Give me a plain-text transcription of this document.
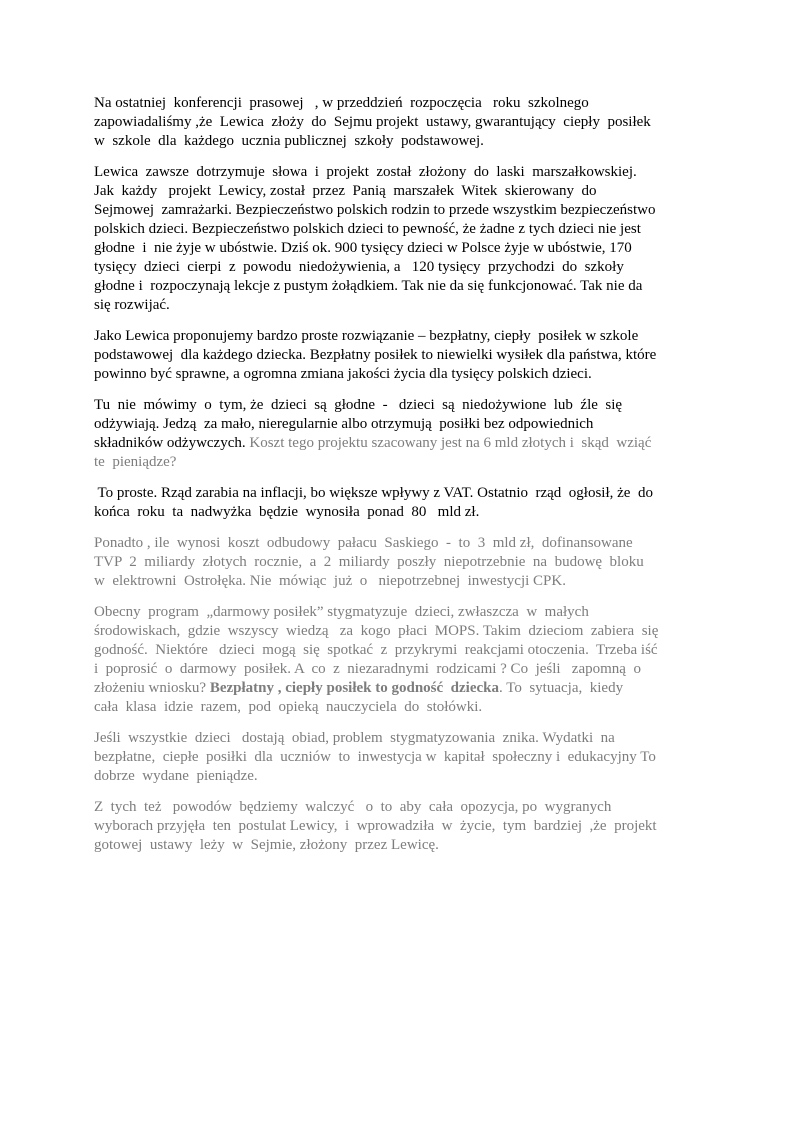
Na ostatniej  konferencji  prasowej   , w przeddzień  rozpoczęcia   roku  szkolnego
zapowiadaliśmy ,że  Lewica  złoży  do  Sejmu projekt  ustawy, gwarantujący  ciepły  posiłek
w  szkole  dla  każdego  ucznia publicznej  szkoły  podstawowej.
Lewica  zawsze  dotrzymuje  słowa  i  projekt  został  złożony  do  laski  marszałkowskiej.
Jak  każdy   projekt  Lewicy, został  przez  Panią  marszałek  Witek  skierowany  do
Sejmowej  zamrażarki. Bezpieczeństwo polskich rodzin to przede wszystkim bezpieczeństwo
polskich dzieci. Bezpieczeństwo polskich dzieci to pewność, że żadne z tych dzieci nie jest
głodne  i  nie żyje w ubóstwie. Dziś ok. 900 tysięcy dzieci w Polsce żyje w ubóstwie, 170
tysięcy  dzieci  cierpi  z  powodu  niedożywienia, a   120 tysięcy  przychodzi  do  szkoły
głodne i  rozpoczynają lekcje z pustym żołądkiem. Tak nie da się funkcjonować. Tak nie da
się rozwijać.
Jako Lewica proponujemy bardzo proste rozwiązanie – bezpłatny, ciepły  posiłek w szkole
podstawowej  dla każdego dziecka. Bezpłatny posiłek to niewielki wysiłek dla państwa, które
powinno być sprawne, a ogromna zmiana jakości życia dla tysięcy polskich dzieci.
Tu  nie  mówimy  o  tym, że  dzieci  są  głodne  -   dzieci  są  niedożywione  lub  źle  się
odżywiają. Jedzą  za mało, nieregularnie albo otrzymują  posiłki bez odpowiednich
składników odżywczych. Koszt tego projektu szacowany jest na 6 mld złotych i  skąd  wziąć
te  pieniądze?
To proste. Rząd zarabia na inflacji, bo większe wpływy z VAT. Ostatnio  rząd  ogłosił, że  do
końca  roku  ta  nadwyżka  będzie  wynosiła  ponad  80   mld zł.
Ponadto , ile  wynosi  koszt  odbudowy  pałacu  Saskiego  -  to  3  mld zł,  dofinansowane
TVP  2  miliardy  złotych  rocznie,  a  2  miliardy  poszły  niepotrzebnie  na  budowę  bloku
w  elektrowni  Ostrołęka. Nie  mówiąc  już  o   niepotrzebnej  inwestycji CPK.
Obecny  program  „darmowy posiłek” stygmatyzuje  dzieci, zwłaszcza  w  małych
środowiskach,  gdzie  wszyscy  wiedzą   za  kogo  płaci  MOPS. Takim  dzieciom  zabiera  się
godność.  Niektóre   dzieci  mogą  się  spotkać  z  przykrymi  reakcjami otoczenia.  Trzeba iść
i  poprosić  o  darmowy  posiłek. A  co  z  niezaradnymi  rodzicami ? Co  jeśli   zapomną  o
złożeniu wniosku? Bezpłatny , ciepły posiłek to godność  dziecka. To  sytuacja,  kiedy
cała  klasa  idzie  razem,  pod  opieką  nauczyciela  do  stołówki.
Jeśli  wszystkie  dzieci   dostają  obiad, problem  stygmatyzowania  znika. Wydatki  na
bezpłatne,  ciepłe  posiłki  dla  uczniów  to  inwestycja w  kapitał  społeczny i  edukacyjny To
dobrze  wydane  pieniądze.
Z  tych  też   powodów  będziemy  walczyć   o  to  aby  cała  opozycja, po  wygranych
wyborach przyjęła  ten  postulat Lewicy,  i  wprowadziła  w  życie,  tym  bardziej  ,że  projekt
gotowej  ustawy  leży  w  Sejmie, złożony  przez Lewicę.
